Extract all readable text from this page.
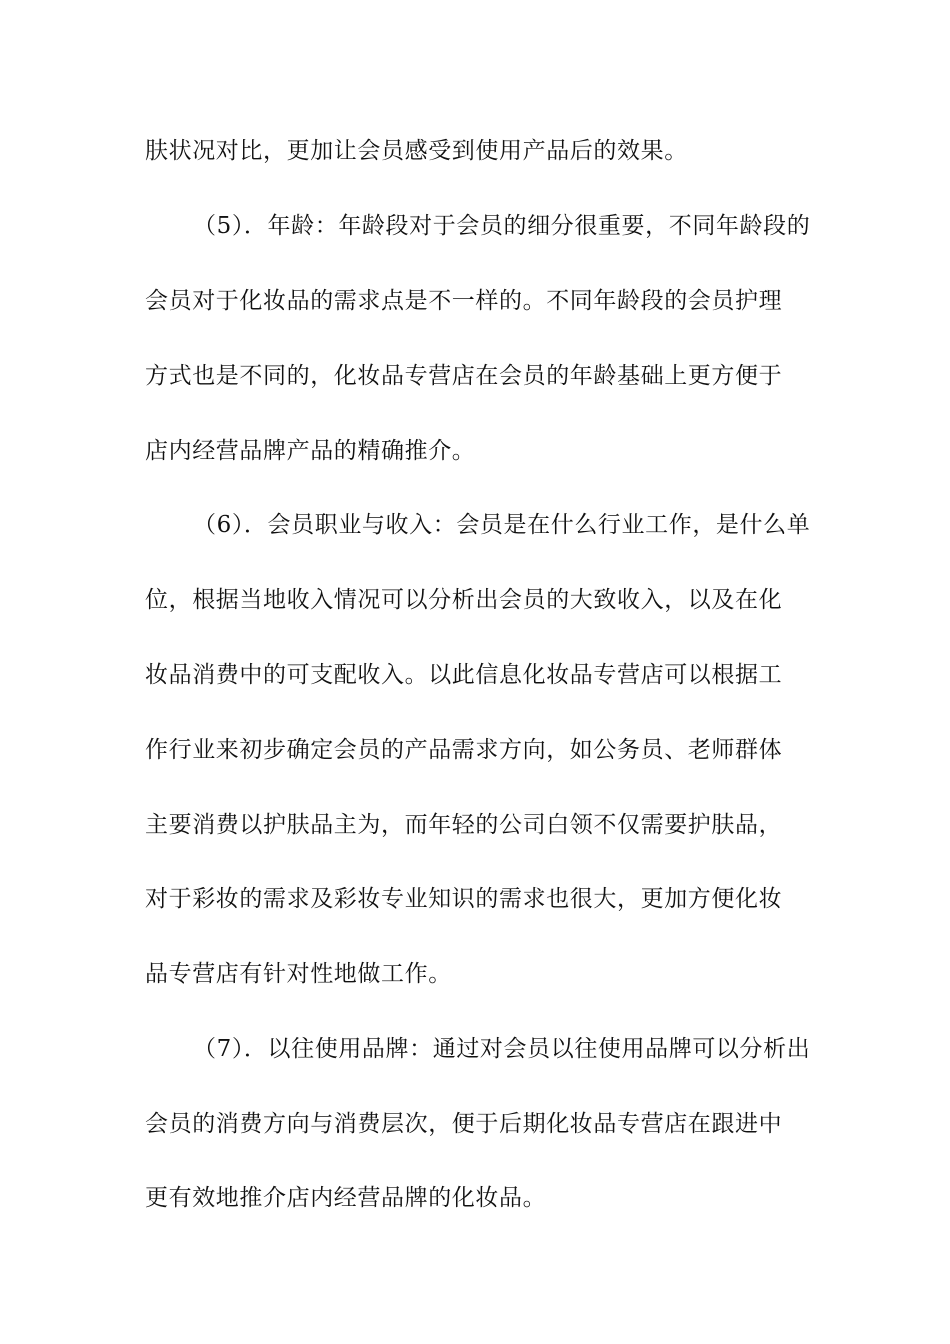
肤状况对比，更加让会员感受到使用产品后的效果。
（5）．年龄：年龄段对于会员的细分很重要，不同年龄段的
会员对于化妆品的需求点是不一样的。不同年龄段的会员护理
方式也是不同的，化妆品专营店在会员的年龄基础上更方便于
店内经营品牌产品的精确推介。
（6）．会员职业与收入：会员是在什么行业工作，是什么单
位，根据当地收入情况可以分析出会员的大致收入，以及在化
妆品消费中的可支配收入。以此信息化妆品专营店可以根据工
作行业来初步确定会员的产品需求方向，如公务员、老师群体
主要消费以护肤品主为，而年轻的公司白领不仅需要护肤品，
对于彩妆的需求及彩妆专业知识的需求也很大，更加方便化妆
品专营店有针对性地做工作。
（7）．以往使用品牌：通过对会员以往使用品牌可以分析出
会员的消费方向与消费层次，便于后期化妆品专营店在跟进中
更有效地推介店内经营品牌的化妆品。
